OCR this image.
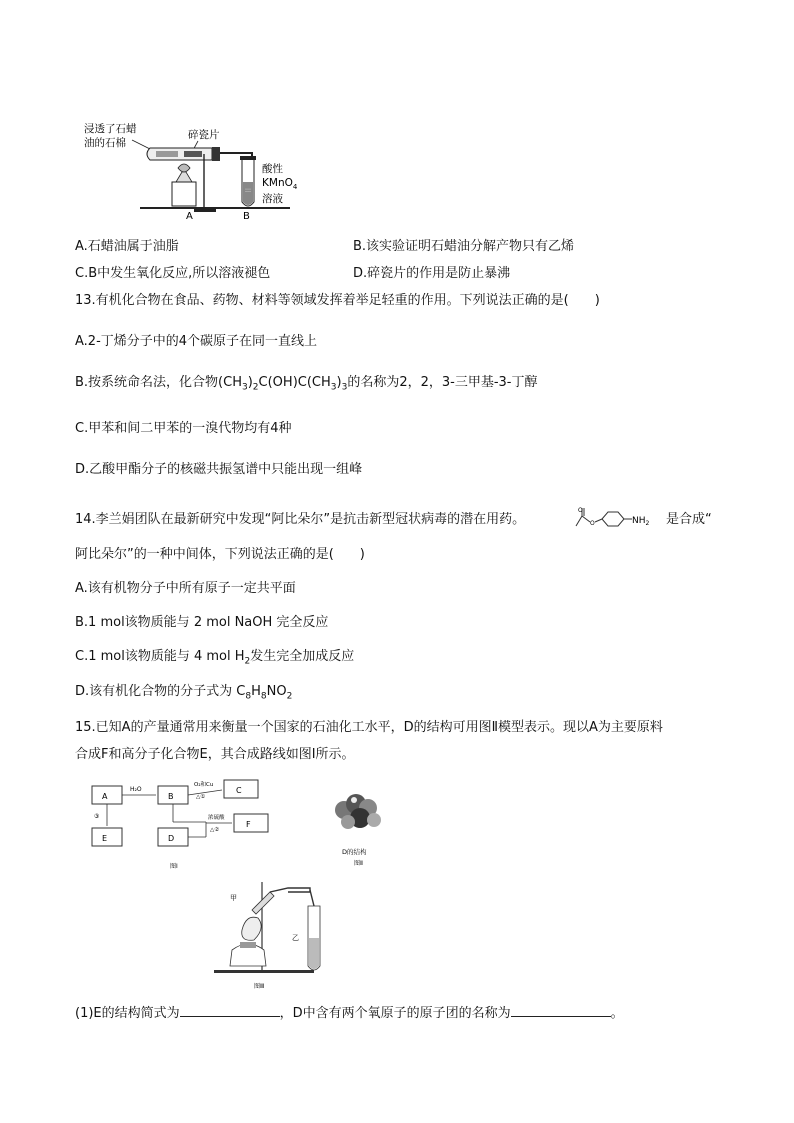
浸透了石蜡
油的石棉
碎瓷片
:::
酸性
KMnO$_4$
溶液
A	B
A.石蜡油属于油脂	B.该实验证明石蜡油分解产物只有乙烯
C.B中发生氧化反应,所以溶液褪色	D.碎瓷片的作用是防止暴沸
13.有机化合物在食品、药物、材料等领域发挥着举足轻重的作用。下列说法正确的是(　　)
A.2-丁烯分子中的4个碳原子在同一直线上
B.按系统命名法，化合物$(CH_3)_2C(OH)C(CH_3)_3$的名称为2，2，3-三甲基-3-丁醇
C.甲苯和间二甲苯的一溴代物均有4种
D.乙酸甲酯分子的核磁共振氢谱中只能出现一组峰
14.李兰娟团队在最新研究中发现“阿比朵尔”是抗击新型冠状病毒的潜在用药。
O
O	$NH_2$ 是合成“
阿比朵尔”的一种中间体，下列说法正确的是(　　)
A.该有机物分子中所有原子一定共平面
B.1 mol该物质能与 2 mol NaOH 完全反应
C.1 mol该物质能与 4 mol $H_2$发生完全加成反应
D.该有机化合物的分子式为 $C_8H_8NO_2$
15.已知A的产量通常用来衡量一个国家的石油化工水平，D的结构可用图Ⅱ模型表示。现以A为主要原料
合成F和高分子化合物E，其合成路线如图Ⅰ所示。
A	B
C
E	D
F
H₂O
O₂和Cu
△①
浓硫酸
△②
③
图Ⅰ
D的结构
图Ⅱ
甲
乙
图Ⅲ
(1)E的结构简式为	，D中含有两个氧原子的原子团的名称为	。
